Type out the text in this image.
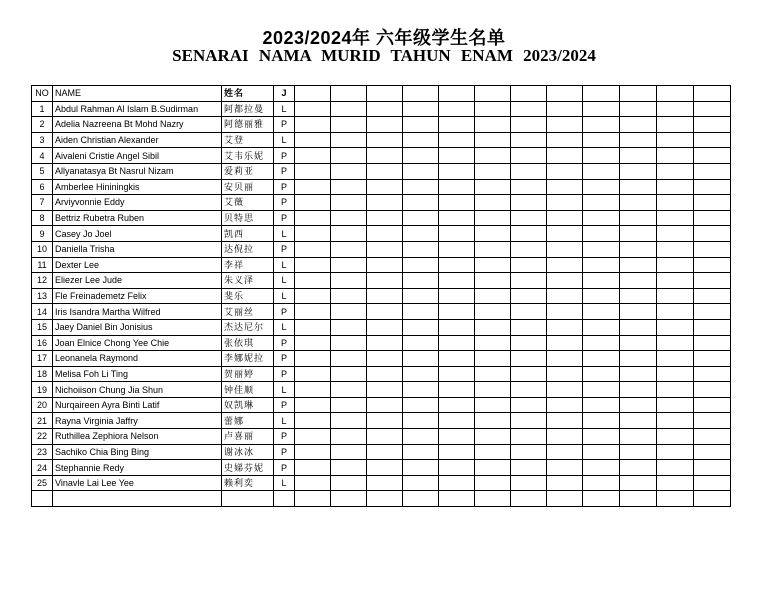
2023/2024年 六年级学生名单
SENARAI NAMA MURID TAHUN ENAM 2023/2024
NO	NAME	姓名	J												
1	Abdul Rahman Al Islam B.Sudirman	阿都拉曼	L												
2	Adelia Nazreena Bt Mohd Nazry	阿德丽雅	P												
3	Aiden Christian Alexander	艾登	L												
4	Aivaleni Cristie Angel Sibil	艾韦乐妮	P												
5	Allyanatasya Bt Nasrul Nizam	爱莉亚	P												
6	Amberlee Hininingkis	安贝丽	P												
7	Arviyvonnie Eddy	艾薇	P												
8	Bettriz Rubetra Ruben	贝特思	P												
9	Casey Jo Joel	凯西	L												
10	Daniella Trisha	达倪拉	P												
11	Dexter Lee	李祥	L												
12	Eliezer Lee Jude	朱义泽	L												
13	Fle Freinademetz Felix	斐乐	L												
14	Iris Isandra Martha Wilfred	艾丽丝	P												
15	Jaey Daniel Bin Jonisius	杰达尼尔	L												
16	Joan Elnice Chong Yee Chie	张依琪	P												
17	Leonanela Raymond	李娜妮拉	P												
18	Melisa Foh Li Ting	贺丽婷	P												
19	Nichoiison Chung Jia Shun	钟佳顺	L												
20	Nurqaireen Ayra Binti Latif	奴凯琳	P												
21	Rayna Virginia Jaffry	蕾娜	L												
22	Ruthillea Zephiora Nelson	卢喜丽	P												
23	Sachiko Chia Bing Bing	谢冰冰	P												
24	Stephannie Redy	史娣芬妮	P												
25	Vinavle Lai Lee Yee	赖利奕	L												
